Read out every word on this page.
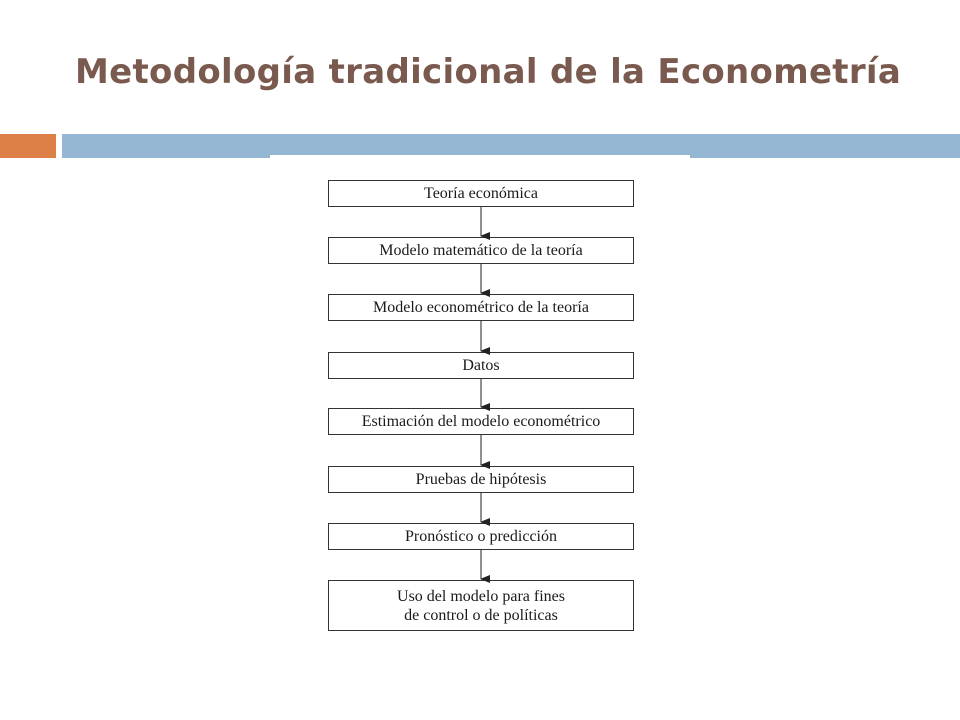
Metodología tradicional de la Econometría
Teoría económica
Modelo matemático de la teoría
Modelo econométrico de la teoría
Datos
Estimación del modelo econométrico
Pruebas de hipótesis
Pronóstico o predicción
Uso del modelo para fines
de control o de políticas
